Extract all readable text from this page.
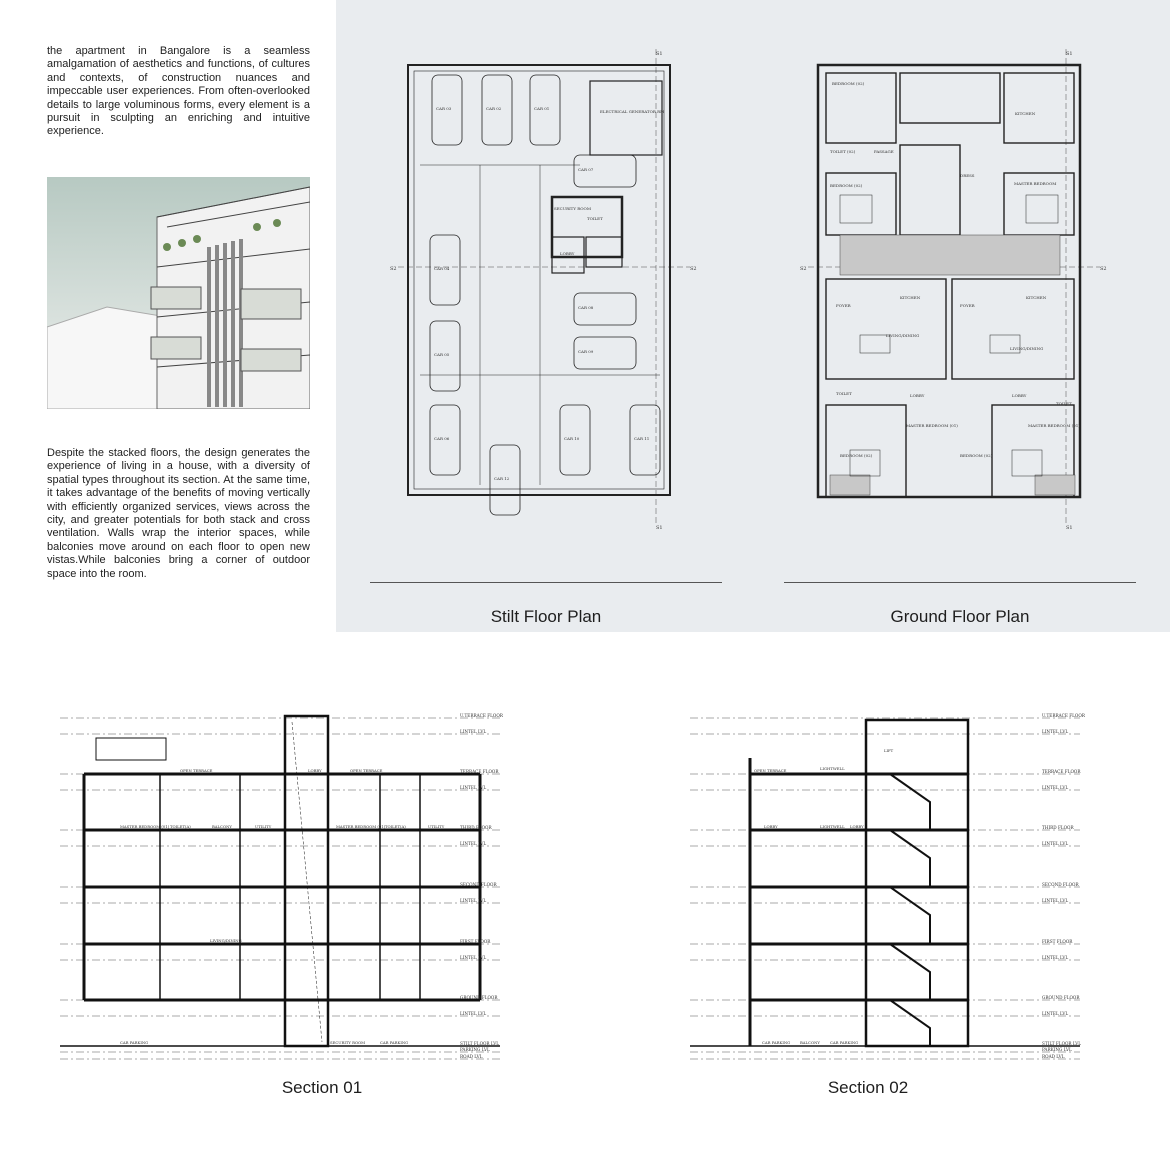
the apartment in Bangalore is a seamless amalgamation of aesthetics and functions, of cultures and contexts, of construction nuances and impeccable user experiences. From often-overlooked details to large voluminous forms, every element is a pursuit in sculpting an enriching and intuitive experience.
Despite the stacked floors, the design generates the experience of living in a house, with a diversity of spatial types throughout its section. At the same time, it takes advantage of the benefits of moving vertically with efficiently organized services, views across the city, and greater potentials for both stack and cross ventilation. Walls wrap the interior spaces, while balconies move around on each floor to open new vistas.While balconies bring a corner of outdoor space into the room.
CAR 03	CAR 02	CAR 01
CAR 04
CAR 05
CAR 06
CAR 07
CAR 08
CAR 09
CAR 10	CAR 11
CAR 12
ELECTRICAL GENERATOR RM
SECURITY ROOM
TOILET
LOBBY
S1
S1
S2	S2
BEDROOM (02)
KITCHEN
PASSAGE
TOILET (02)
DRESS
BEDROOM (02)	MASTER BEDROOM
FOYER
KITCHEN
LIVING/DINING
FOYER
KITCHEN
LIVING/DINING
TOILET	LOBBY	LOBBY
TOILET
MASTER BEDROOM (01)	MASTER BEDROOM (01)
BEDROOM (02)	BEDROOM (02)
S1
S1
S2	S2
Stilt Floor Plan	Ground Floor Plan
OPEN TERRACE	LOBBY	OPEN TERRACE
MASTER BEDROOM (01) TOILET(A)	BALCONY	UTILITY	MASTER BEDROOM (01) TOILET(A)	UTILITY
LIVING/DINING
CAR PARKING	SECURITY ROOM	CAR PARKING
U.TERRACE FLOOR
LINTEL LVL
TERRACE FLOOR
LINTEL LVL
THIRD FLOOR
LINTEL LVL
SECOND FLOOR
LINTEL LVL
FIRST FLOOR
LINTEL LVL
GROUND FLOOR
LINTEL LVL
STILT FLOOR LVL
PARKING LVL
ROAD LVL
Section 01
OPEN TERRACE	LIGHTWELL
LOBBY	LOBBY
LIFT
LIGHTWELL
CAR PARKING	BALCONY	CAR PARKING
U.TERRACE FLOOR
LINTEL LVL
TERRACE FLOOR
LINTEL LVL
THIRD FLOOR
LINTEL LVL
SECOND FLOOR
LINTEL LVL
FIRST FLOOR
LINTEL LVL
GROUND FLOOR
LINTEL LVL
STILT FLOOR LVL
PARKING LVL
ROAD LVL
Section 02
